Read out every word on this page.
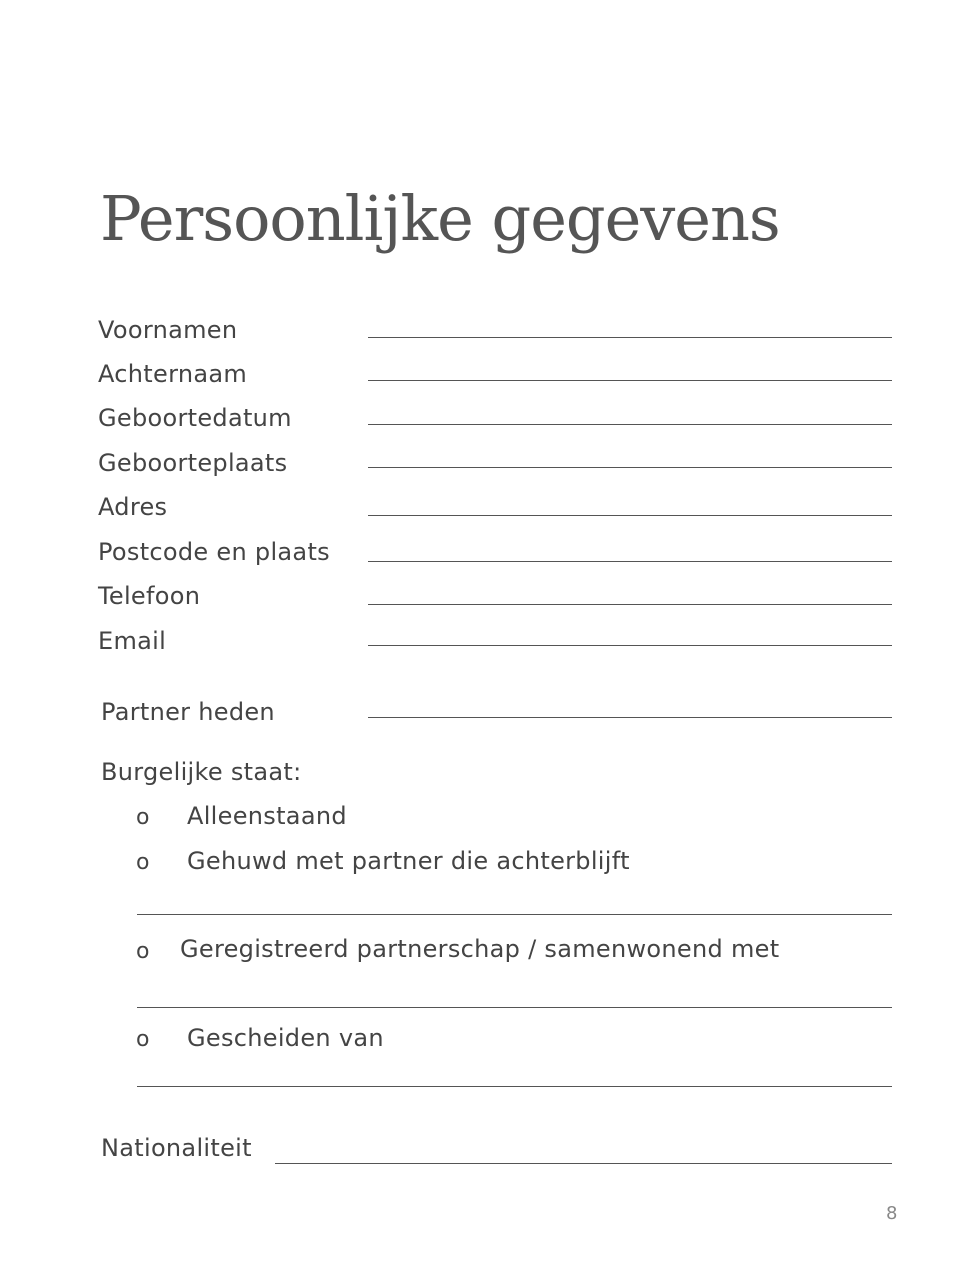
Persoonlijke gegevens
Voornamen
Achternaam
Geboortedatum
Geboorteplaats
Adres
Postcode en plaats
Telefoon
Email
Partner heden
Burgelijke staat:
o Alleenstaand
o Gehuwd met partner die achterblijft
o Geregistreerd partnerschap / samenwonend met
o Gescheiden van
Nationaliteit
8
